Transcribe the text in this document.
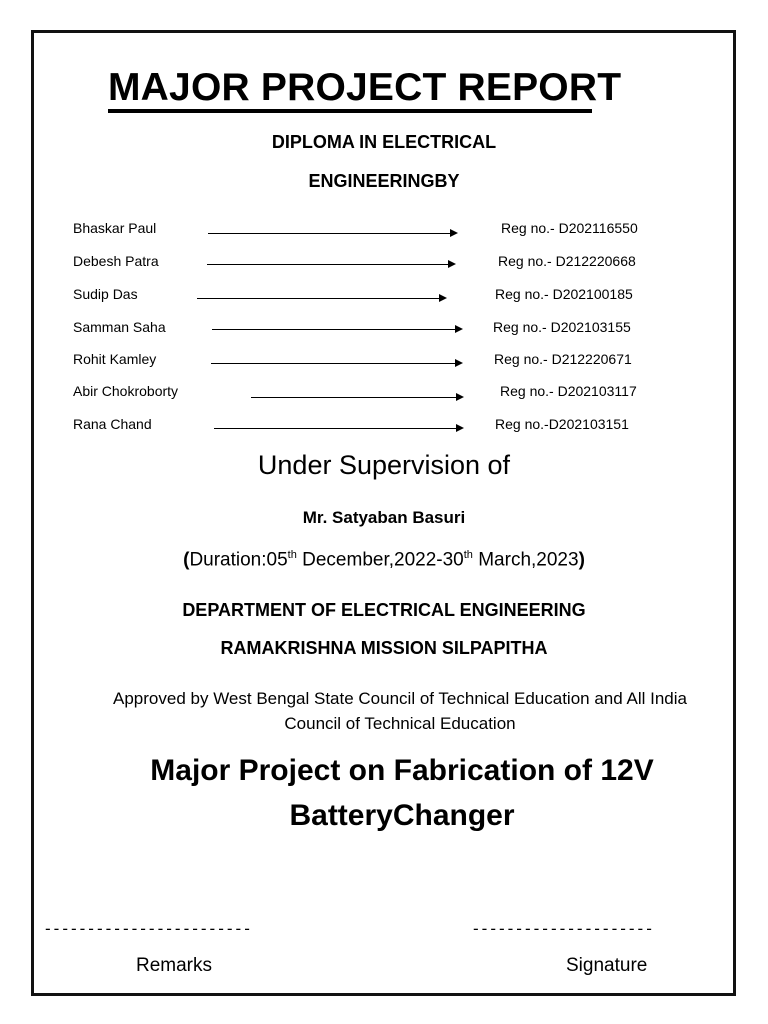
MAJOR PROJECT REPORT
DIPLOMA IN ELECTRICAL
ENGINEERINGBY
Bhaskar Paul	Reg no.- D202116550
Debesh Patra	Reg no.- D212220668
Sudip Das	Reg no.- D202100185
Samman Saha	Reg no.- D202103155
Rohit Kamley	Reg no.- D212220671
Abir Chokroborty	Reg no.- D202103117
Rana Chand	Reg no.-D202103151
Under Supervision of
Mr. Satyaban Basuri
(Duration:05th December,2022-30th March,2023)
DEPARTMENT OF ELECTRICAL ENGINEERING
RAMAKRISHNA MISSION SILPAPITHA
Approved by West Bengal State Council of Technical Education and All India
Council of Technical Education
Major Project on Fabrication of 12V
BatteryChanger
------------------------	---------------------
Remarks	Signature
